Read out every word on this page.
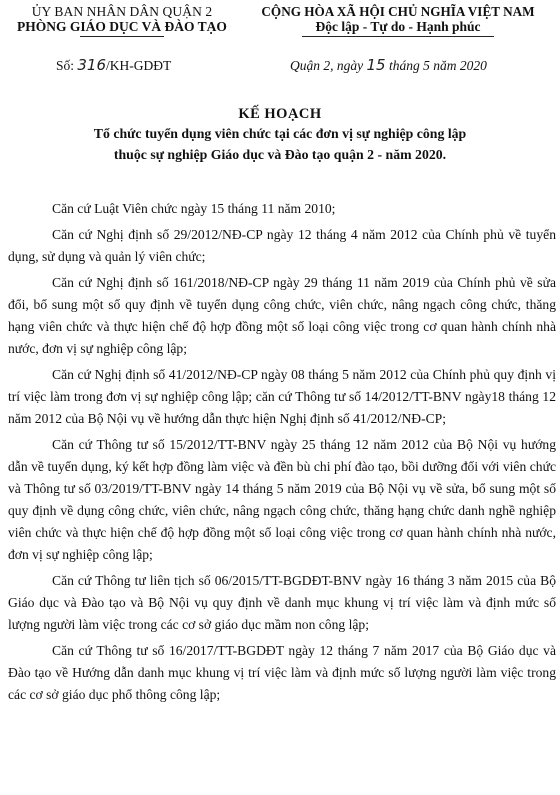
ỦY BAN NHÂN DÂN QUẬN 2
PHÒNG GIÁO DỤC VÀ ĐÀO TẠO
CỘNG HÒA XÃ HỘI CHỦ NGHĨA VIỆT NAM
Độc lập - Tự do - Hạnh phúc
Số: 316/KH-GDĐT	Quận 2, ngày 15 tháng 5 năm 2020
KẾ HOẠCH
Tổ chức tuyển dụng viên chức tại các đơn vị sự nghiệp công lập
thuộc sự nghiệp Giáo dục và Đào tạo quận 2 - năm 2020.

Căn cứ Luật Viên chức ngày 15 tháng 11 năm 2010;

Căn cứ Nghị định số 29/2012/NĐ-CP ngày 12 tháng 4 năm 2012 của Chính phủ về tuyển dụng, sử dụng và quản lý viên chức;

Căn cứ Nghị định số 161/2018/NĐ-CP ngày 29 tháng 11 năm 2019 của Chính phủ về sửa đổi, bổ sung một số quy định về tuyển dụng công chức, viên chức, nâng ngạch công chức, thăng hạng viên chức và thực hiện chế độ hợp đồng một số loại công việc trong cơ quan hành chính nhà nước, đơn vị sự nghiệp công lập;

Căn cứ Nghị định số 41/2012/NĐ-CP ngày 08 tháng 5 năm 2012 của Chính phủ quy định vị trí việc làm trong đơn vị sự nghiệp công lập; căn cứ Thông tư số 14/2012/TT-BNV ngày18 tháng 12 năm 2012 của Bộ Nội vụ về hướng dẫn thực hiện Nghị định số 41/2012/NĐ-CP;

Căn cứ Thông tư số 15/2012/TT-BNV ngày 25 tháng 12 năm 2012 của Bộ Nội vụ hướng dẫn về tuyển dụng, ký kết hợp đồng làm việc và đền bù chi phí đào tạo, bồi dưỡng đối với viên chức và Thông tư số 03/2019/TT-BNV ngày 14 tháng 5 năm 2019 của Bộ Nội vụ về sửa, bổ sung một số quy định về dụng công chức, viên chức, nâng ngạch công chức, thăng hạng chức danh nghề nghiệp viên chức và thực hiện chế độ hợp đồng một số loại công việc trong cơ quan hành chính nhà nước, đơn vị sự nghiệp công lập;

Căn cứ Thông tư liên tịch số 06/2015/TT-BGDĐT-BNV ngày 16 tháng 3 năm 2015 của Bộ Giáo dục và Đào tạo và Bộ Nội vụ quy định về danh mục khung vị trí việc làm và định mức số lượng người làm việc trong các cơ sở giáo dục mầm non công lập;

Căn cứ Thông tư số 16/2017/TT-BGDĐT ngày 12 tháng 7 năm 2017 của Bộ Giáo dục và Đào tạo về Hướng dẫn danh mục khung vị trí việc làm và định mức số lượng người làm việc trong các cơ sở giáo dục phổ thông công lập;
